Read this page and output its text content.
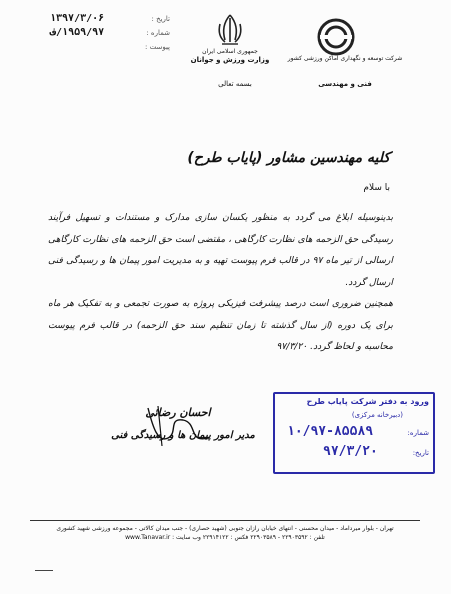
تاریخ :
۱۳۹۷/۳/۰۶
شماره :
۱۹۵۹/۹۷/ف
پیوست :
جمهوری اسلامی ایران
وزارت ورزش و جوانان	شرکت توسعه و نگهداری اماکن ورزشی کشور
فنی و مهندسی
بسمه تعالی
کلیه مهندسین مشاور (پایاب طرح)
با سلام

بدینوسیله ابلاغ می گردد به منظور یکسان سازی مدارک و مستندات و تسهیل فرآیند رسیدگی حق الزحمه های نظارت کارگاهی ، مقتضی است حق الزحمه های نظارت کارگاهی ارسالی از تیر ماه ۹۷ در قالب فرم پیوست تهیه و به مدیریت امور پیمان ها و رسیدگی فنی ارسال گردد.

همچنین ضروری است درصد پیشرفت فیزیکی پروژه به صورت تجمعی و به تفکیک هر ماه برای یک دوره (از سال گذشته تا زمان تنظیم سند حق الزحمه) در قالب فرم پیوست محاسبه و لحاظ گردد. ۹۷/۳/۲۰

احسان رضائی
مدیر امور پیمان ها و رسیدگی فنی
ورود به دفتر شرکت پایاب طرح
(دبیرخانه مرکزی)
شماره:
۱۰/۹۷-۸۵۵۸۹
تاریخ:
۹۷/۳/۲۰
تهران - بلوار میرداماد - میدان محسنی - انتهای خیابان رازان جنوبی (شهید حصاری) - جنب میدان کالاتی - مجموعه ورزشی شهید کشوری
تلفن : ۲۲۹۰۳۵۹۲ - ۲۲۹۰۳۵۸۹ فکس : ۲۲۹۱۴۱۲۲ وب سایت : www.Tanavar.ir
